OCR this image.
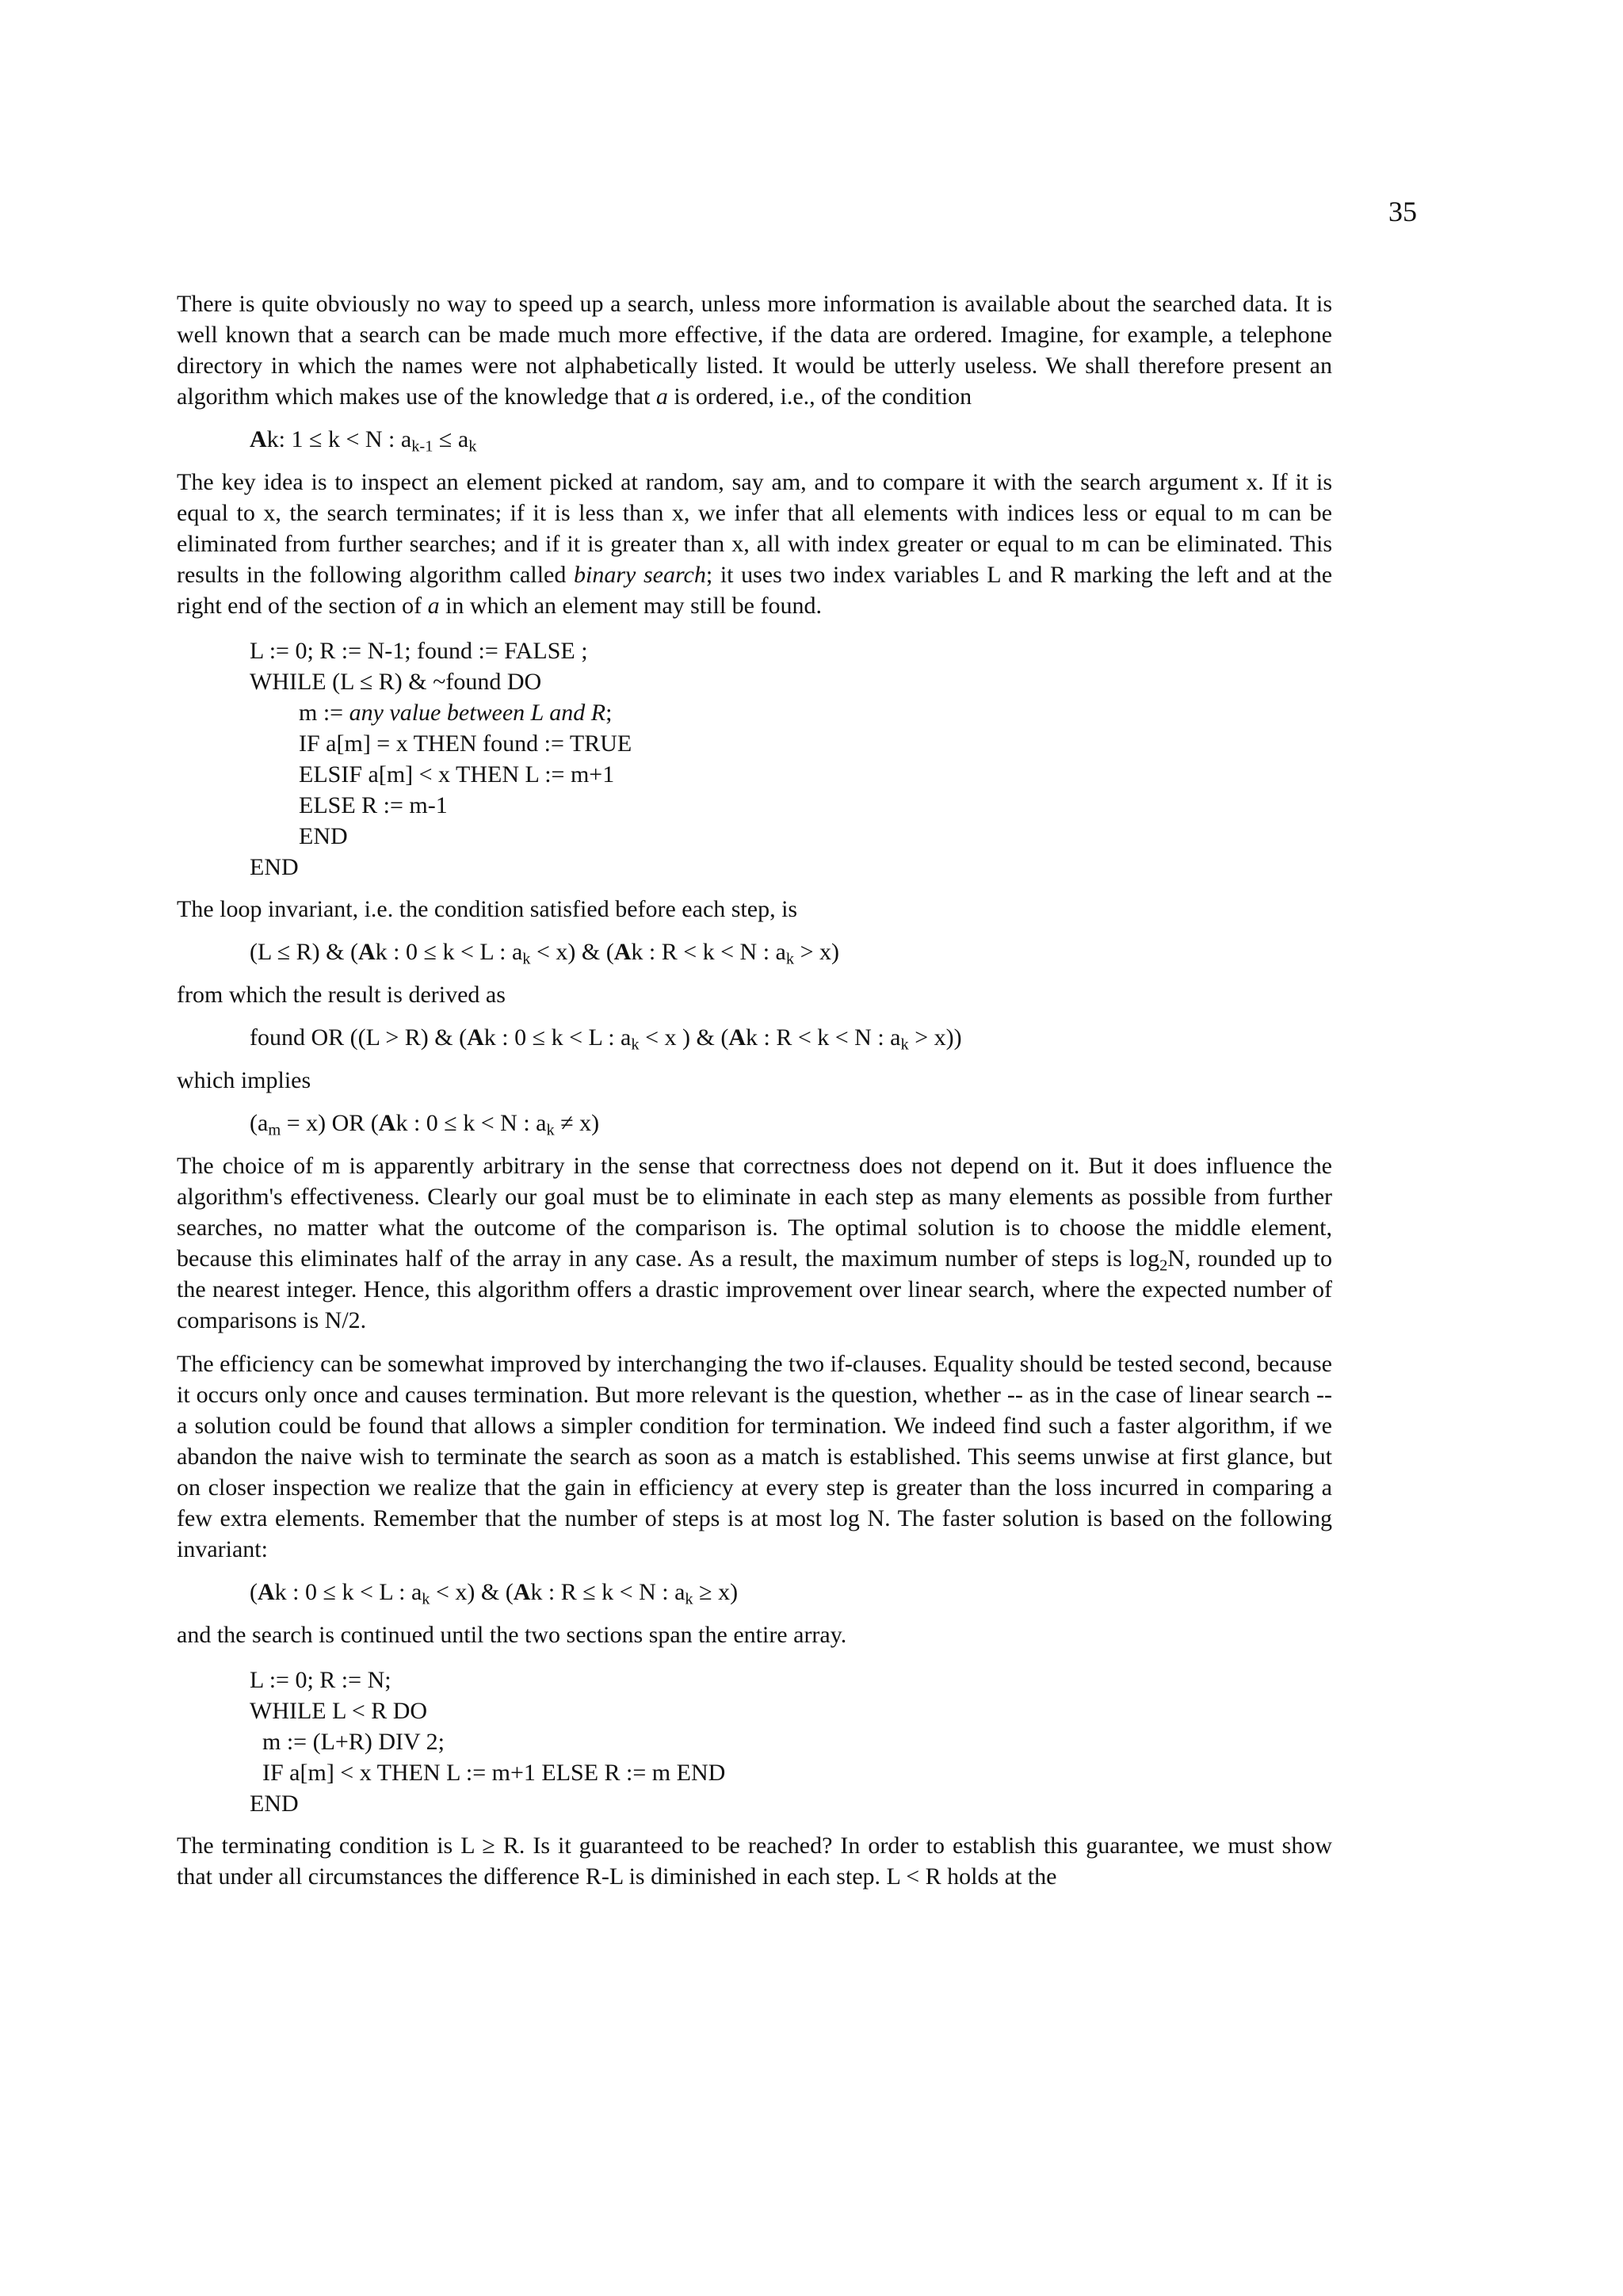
35

There is quite obviously no way to speed up a search, unless more information is available about the searched data. It is well known that a search can be made much more effective, if the data are ordered. Imagine, for example, a telephone directory in which the names were not alphabetically listed. It would be utterly useless. We shall therefore present an algorithm which makes use of the knowledge that a is ordered, i.e., of the condition

Ak: 1 ≤ k < N : $a_{k-1} \le a_k$

The key idea is to inspect an element picked at random, say am, and to compare it with the search argument x. If it is equal to x, the search terminates; if it is less than x, we infer that all elements with indices less or equal to m can be eliminated from further searches; and if it is greater than x, all with index greater or equal to m can be eliminated. This results in the following algorithm called binary search; it uses two index variables L and R marking the left and at the right end of the section of a in which an element may still be found.

L := 0; R := N-1; found := FALSE ;
WHILE (L ≤ R) & ~found DO
m := any value between L and R;
IF a[m] = x THEN found := TRUE
ELSIF a[m] < x THEN L := m+1
ELSE R := m-1
END
END

The loop invariant, i.e. the condition satisfied before each step, is

(L ≤ R) & (Ak : 0 ≤ k < L : $a_k < x$) & (Ak : R < k < N : $a_k > x$)

from which the result is derived as

found OR ((L > R) & (Ak : 0 ≤ k < L : $a_k < x$ ) & (Ak : R < k < N : $a_k > x$))

which implies

$(a_m = x)$ OR (Ak : 0 ≤ k < N : $a_k \ne x$)

The choice of m is apparently arbitrary in the sense that correctness does not depend on it. But it does influence the algorithm's effectiveness. Clearly our goal must be to eliminate in each step as many elements as possible from further searches, no matter what the outcome of the comparison is. The optimal solution is to choose the middle element, because this eliminates half of the array in any case. As a result, the maximum number of steps is $\log_2N$, rounded up to the nearest integer. Hence, this algorithm offers a drastic improvement over linear search, where the expected number of comparisons is N/2.

The efficiency can be somewhat improved by interchanging the two if-clauses. Equality should be tested second, because it occurs only once and causes termination. But more relevant is the question, whether -- as in the case of linear search -- a solution could be found that allows a simpler condition for termination. We indeed find such a faster algorithm, if we abandon the naive wish to terminate the search as soon as a match is established. This seems unwise at first glance, but on closer inspection we realize that the gain in efficiency at every step is greater than the loss incurred in comparing a few extra elements. Remember that the number of steps is at most log N. The faster solution is based on the following invariant:

(Ak : 0 ≤ k < L : $a_k < x$) & (Ak : R ≤ k < N : $a_k \ge x$)

and the search is continued until the two sections span the entire array.

L := 0; R := N;
WHILE L < R DO
m := (L+R) DIV 2;
IF a[m] < x THEN L := m+1 ELSE R := m END
END

The terminating condition is L ≥ R. Is it guaranteed to be reached? In order to establish this guarantee, we must show that under all circumstances the difference R-L is diminished in each step. L < R holds at the
